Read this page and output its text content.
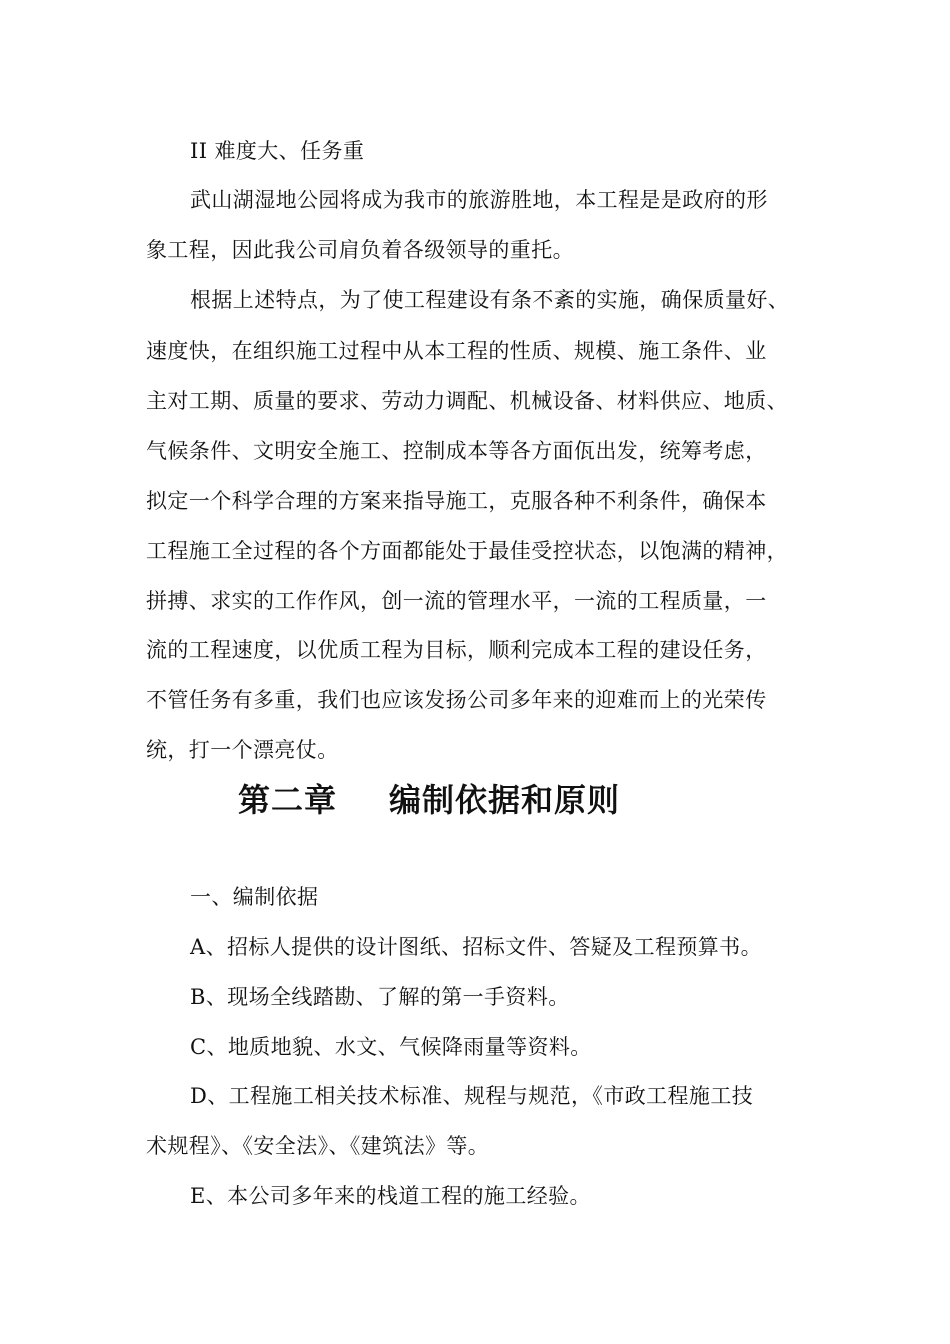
II 难度大、任务重
武山湖湿地公园将成为我市的旅游胜地，本工程是是政府的形
象工程，因此我公司肩负着各级领导的重托。
根据上述特点，为了使工程建设有条不紊的实施，确保质量好、
速度快，在组织施工过程中从本工程的性质、规模、施工条件、业
主对工期、质量的要求、劳动力调配、机械设备、材料供应、地质、
气候条件、文明安全施工、控制成本等各方面佤出发，统筹考虑，
拟定一个科学合理的方案来指导施工，克服各种不利条件，确保本
工程施工全过程的各个方面都能处于最佳受控状态，以饱满的精神，
拼搏、求实的工作作风，创一流的管理水平，一流的工程质量，一
流的工程速度，以优质工程为目标，顺利完成本工程的建设任务，
不管任务有多重，我们也应该发扬公司多年来的迎难而上的光荣传
统，打一个漂亮仗。
第二章 编制依据和原则
一、编制依据
A、招标人提供的设计图纸、招标文件、答疑及工程预算书。
B、现场全线踏勘、了解的第一手资料。
C、地质地貌、水文、气候降雨量等资料。
D、工程施工相关技术标准、规程与规范，《市政工程施工技
术规程》、《安全法》、《建筑法》等。
E、本公司多年来的栈道工程的施工经验。
